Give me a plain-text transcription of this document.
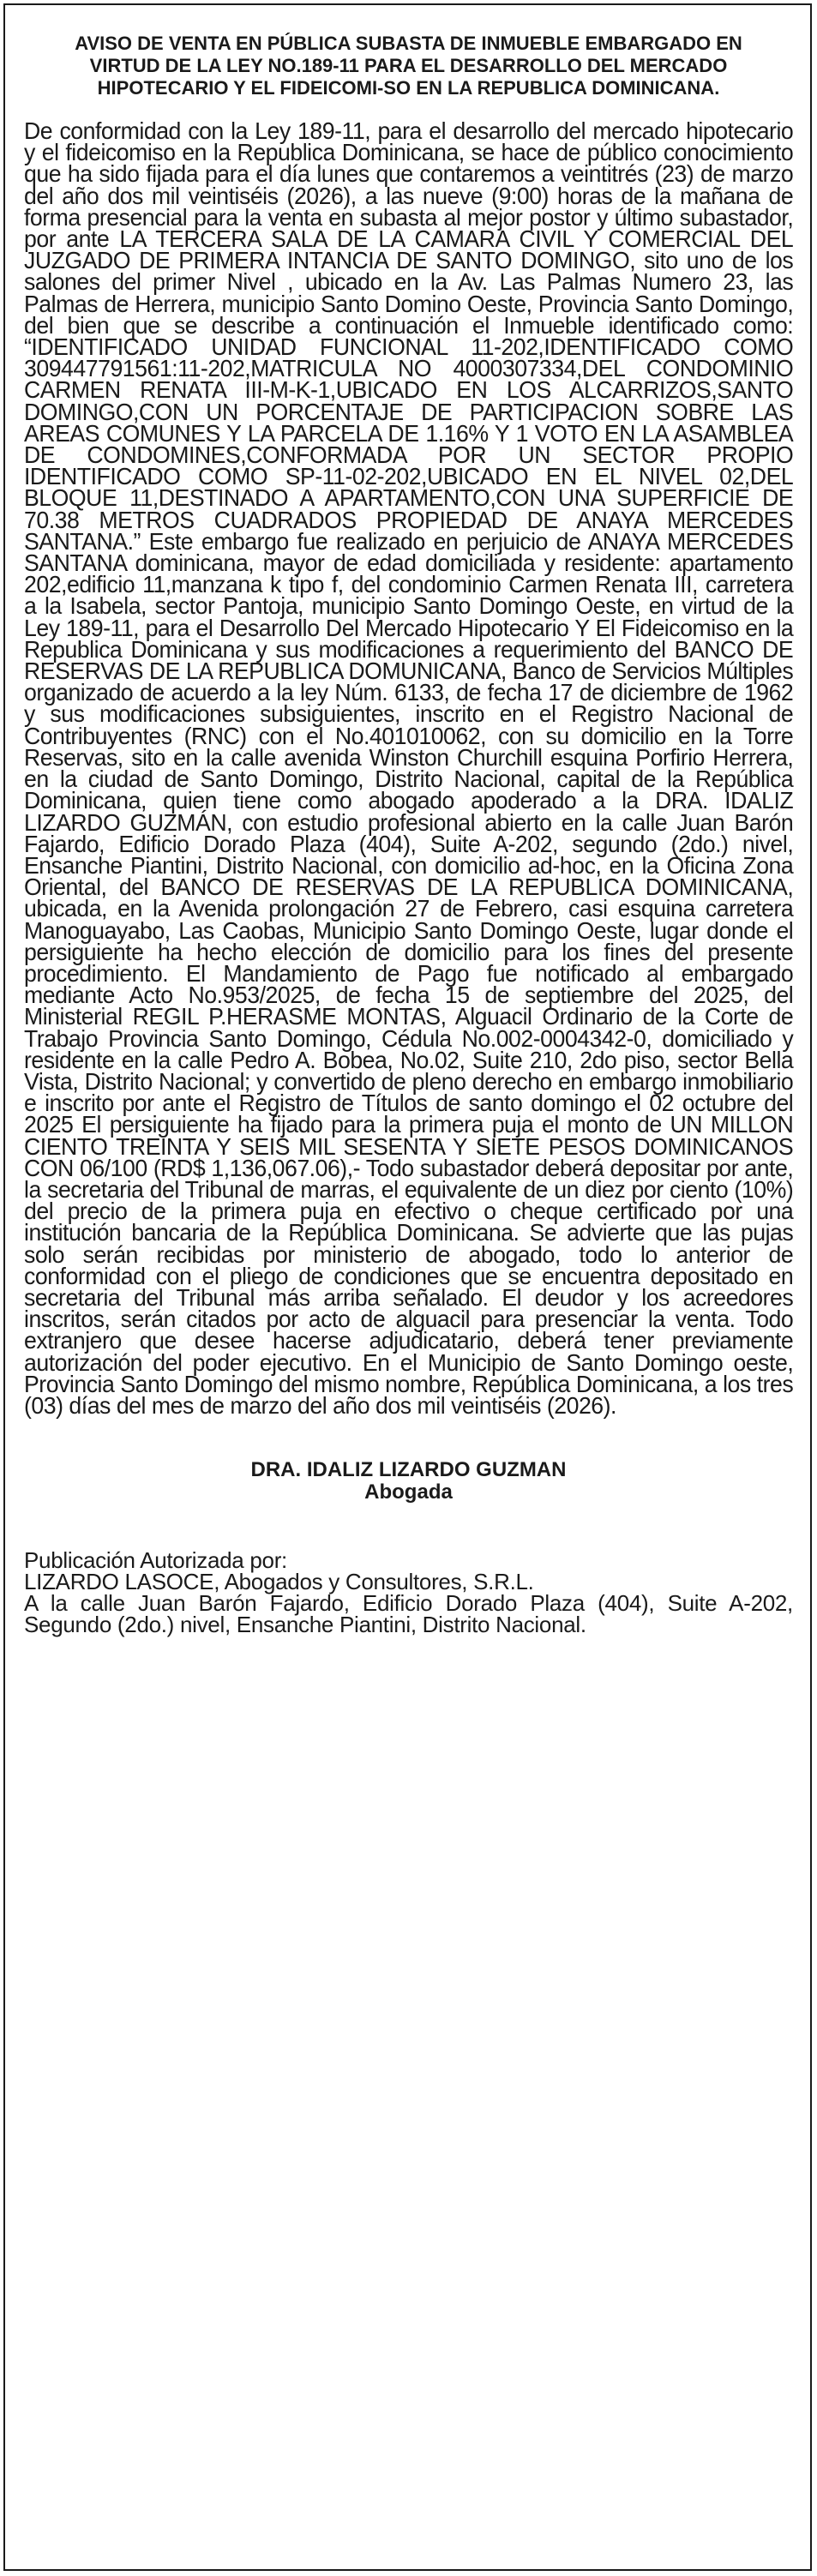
AVISO DE VENTA EN PÚBLICA SUBASTA DE INMUEBLE EMBARGADO EN VIRTUD DE LA LEY NO.189-11 PARA EL DESARROLLO DEL MERCADO HIPOTECARIO Y EL FIDEICOMI-SO EN LA REPUBLICA DOMINICANA.
De conformidad con la Ley 189-11, para el desarrollo del mercado hipotecario y el fideicomiso en la Republica Dominicana, se hace de público conocimiento que ha sido fijada para el día lunes que contaremos a veintitrés (23) de marzo del año dos mil veintiséis (2026), a las nueve (9:00) horas de la mañana de forma presencial para la venta en subasta al mejor postor y último subastador, por ante LA TERCERA SALA DE LA CAMARA CIVIL Y COMERCIAL DEL JUZGADO DE PRIMERA INTANCIA DE SANTO DOMINGO, sito uno de los salones del primer Nivel , ubicado en la Av. Las Palmas Numero 23, las Palmas de Herrera, municipio Santo Domino Oeste, Provincia Santo Domingo, del bien que se describe a continuación el Inmueble identificado como: “IDENTIFICADO UNIDAD FUNCIONAL 11-202,IDENTIFICADO COMO 309447791561:11-202,MATRICULA NO 4000307334,DEL CONDOMINIO CARMEN RENATA III-M-K-1,UBICADO EN LOS ALCARRIZOS,SANTO DOMINGO,CON UN PORCENTAJE DE PARTICIPACION SOBRE LAS AREAS COMUNES Y LA PARCELA DE 1.16% Y 1 VOTO EN LA ASAMBLEA DE CONDOMINES,CONFORMADA POR UN SECTOR PROPIO IDENTIFICADO COMO SP-11-02-202,UBICADO EN EL NIVEL 02,DEL BLOQUE 11,DESTINADO A APARTAMENTO,CON UNA SUPERFICIE DE 70.38 METROS CUADRADOS PROPIEDAD DE ANAYA MERCEDES SANTANA.” Este embargo fue realizado en perjuicio de ANAYA MERCEDES SANTANA dominicana, mayor de edad domiciliada y residente: apartamento 202,edificio 11,manzana k tipo f, del condominio Carmen Renata III, carretera a la Isabela, sector Pantoja, municipio Santo Domingo Oeste, en virtud de la Ley 189-11, para el Desarrollo Del Mercado Hipotecario Y El Fideicomiso en la Republica Dominicana y sus modificaciones a requerimiento del BANCO DE RESERVAS DE LA REPUBLICA DOMUNICANA, Banco de Servicios Múltiples organizado de acuerdo a la ley Núm. 6133, de fecha 17 de diciembre de 1962 y sus modificaciones subsiguientes, inscrito en el Registro Nacional de Contribuyentes (RNC) con el No.401010062, con su domicilio en la Torre Reservas, sito en la calle avenida Winston Churchill esquina Porfirio Herrera, en la ciudad de Santo Domingo, Distrito Nacional, capital de la República Dominicana, quien tiene como abogado apoderado a la DRA. IDALIZ LIZARDO GUZMÁN, con estudio profesional abierto en la calle Juan Barón Fajardo, Edificio Dorado Plaza (404), Suite A-202, segundo (2do.) nivel, Ensanche Piantini, Distrito Nacional, con domicilio ad-hoc, en la Oficina Zona Oriental, del BANCO DE RESERVAS DE LA REPUBLICA DOMINICANA, ubicada, en la Avenida prolongación 27 de Febrero, casi esquina carretera Manoguayabo, Las Caobas, Municipio Santo Domingo Oeste, lugar donde el persiguiente ha hecho elección de domicilio para los fines del presente procedimiento. El Mandamiento de Pago fue notificado al embargado mediante Acto No.953/2025, de fecha 15 de septiembre del 2025, del Ministerial REGIL P.HERASME MONTAS, Alguacil Ordinario de la Corte de Trabajo Provincia Santo Domingo, Cédula No.002-0004342-0, domiciliado y residente en la calle Pedro A. Bobea, No.02, Suite 210, 2do piso, sector Bella Vista, Distrito Nacional; y convertido de pleno derecho en embargo inmobiliario e inscrito por ante el Registro de Títulos de santo domingo el 02 octubre del 2025 El persiguiente ha fijado para la primera puja el monto de UN MILLON CIENTO TREINTA Y SEIS MIL SESENTA Y SIETE PESOS DOMINICANOS CON 06/100 (RD$ 1,136,067.06),- Todo subastador deberá depositar por ante, la secretaria del Tribunal de marras, el equivalente de un diez por ciento (10%) del precio de la primera puja en efectivo o cheque certificado por una institución bancaria de la República Dominicana. Se advierte que las pujas solo serán recibidas por ministerio de abogado, todo lo anterior de conformidad con el pliego de condiciones que se encuentra depositado en secretaria del Tribunal más arriba señalado. El deudor y los acreedores inscritos, serán citados por acto de alguacil para presenciar la venta. Todo extranjero que desee hacerse adjudicatario, deberá tener previamente autorización del poder ejecutivo. En el Municipio de Santo Domingo oeste, Provincia Santo Domingo del mismo nombre, República Dominicana, a los tres (03) días del mes de marzo del año dos mil veintiséis (2026).
DRA. IDALIZ LIZARDO GUZMAN
Abogada
Publicación Autorizada por:
LIZARDO LASOCE, Abogados y Consultores, S.R.L.
A la calle Juan Barón Fajardo, Edificio Dorado Plaza (404), Suite A-202, Segundo (2do.) nivel, Ensanche Piantini, Distrito Nacional.
